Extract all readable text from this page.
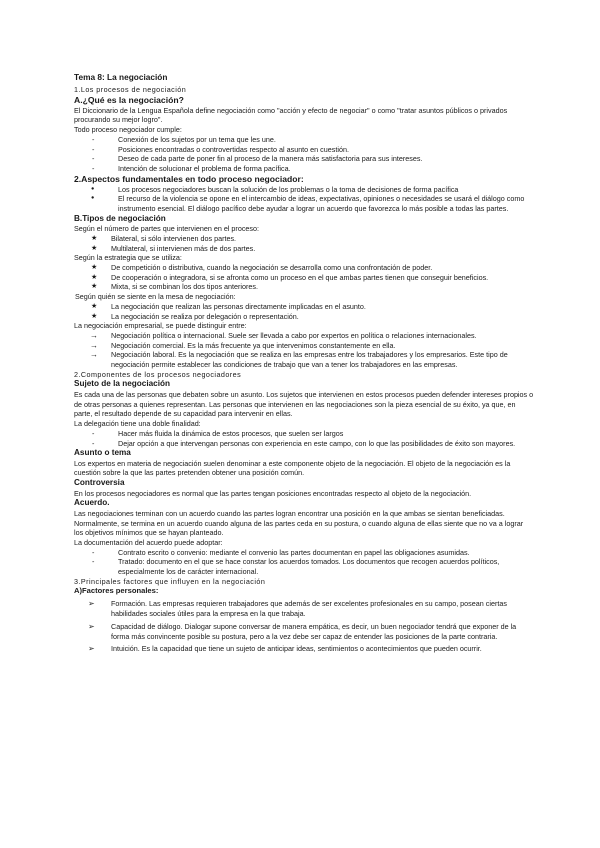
Tema 8: La negociación

1.Los procesos de negociación

A.¿Qué es la negociación?

El Diccionario de la Lengua Española define negociación como "acción y efecto de negociar" o como "tratar asuntos públicos o privados procurando su mejor logro".

Todo proceso negociador cumple:

- Conexión de los sujetos por un tema que les une.
- Posiciones encontradas o controvertidas respecto al asunto en cuestión.
- Deseo de cada parte de poner fin al proceso de la manera más satisfactoria para sus intereses.
- Intención de solucionar el problema de forma pacífica.

2.Aspectos fundamentales en todo proceso negociador:

● Los procesos negociadores buscan la solución de los problemas o la toma de decisiones de forma pacífica
● El recurso de la violencia se opone en el intercambio de ideas, expectativas, opiniones o necesidades se usará el diálogo como instrumento esencial. El diálogo pacífico debe ayudar a lograr un acuerdo que favorezca lo más posible a todas las partes.

B.Tipos de negociación

Según el número de partes que intervienen en el proceso:

★ Bilateral, si sólo intervienen dos partes.
★ Multilateral, si intervienen más de dos partes.

Según la estrategia que se utiliza:

★ De competición o distributiva, cuando la negociación se desarrolla como una confrontación de poder.
★ De cooperación o integradora, si se afronta como un proceso en el que ambas partes tienen que conseguir beneficios.
★ Mixta, si se combinan los dos tipos anteriores.

Según quién se siente en la mesa de negociación:

★ La negociación que realizan las personas directamente implicadas en el asunto.
★ La negociación se realiza por delegación o representación.

La negociación empresarial, se puede distinguir entre:

→ Negociación política o internacional. Suele ser llevada a cabo por expertos en política o relaciones internacionales.
→ Negociación comercial. Es la más frecuente ya que intervenimos constantemente en ella.
→ Negociación laboral. Es la negociación que se realiza en las empresas entre los trabajadores y los empresarios. Este tipo de negociación permite establecer las condiciones de trabajo que van a tener los trabajadores en las empresas.

2.Componentes de los procesos negociadores

Sujeto de la negociación

Es cada una de las personas que debaten sobre un asunto. Los sujetos que intervienen en estos procesos pueden defender intereses propios o de otras personas a quienes representan. Las personas que intervienen en las negociaciones son la pieza esencial de su éxito, ya que, en parte, el resultado depende de su capacidad para intervenir en ellas.

La delegación tiene una doble finalidad:

- Hacer más fluida la dinámica de estos procesos, que suelen ser largos
- Dejar opción a que intervengan personas con experiencia en este campo, con lo que las posibilidades de éxito son mayores.

Asunto o tema

Los expertos en materia de negociación suelen denominar a este componente objeto de la negociación. El objeto de la negociación es la cuestión sobre la que las partes pretenden obtener una posición común.

Controversia

En los procesos negociadores es normal que las partes tengan posiciones encontradas respecto al objeto de la negociación.

Acuerdo.

Las negociaciones terminan con un acuerdo cuando las partes logran encontrar una posición en la que ambas se sientan beneficiadas. Normalmente, se termina en un acuerdo cuando alguna de las partes ceda en su postura, o cuando alguna de ellas siente que no va a lograr los objetivos mínimos que se hayan planteado.

La documentación del acuerdo puede adoptar:

- Contrato escrito o convenio: mediante el convenio las partes documentan en papel las obligaciones asumidas.
- Tratado: documento en el que se hace constar los acuerdos tomados. Los documentos que recogen acuerdos políticos, especialmente los de carácter internacional.

3.Principales factores que influyen en la negociación

A)Factores personales:

➢ Formación. Las empresas requieren trabajadores que además de ser excelentes profesionales en su campo, posean ciertas habilidades sociales útiles para la empresa en la que trabaja.
➢ Capacidad de diálogo. Dialogar supone conversar de manera empática, es decir, un buen negociador tendrá que exponer de la forma más convincente posible su postura, pero a la vez debe ser capaz de entender las posiciones de la parte contraria.
➢ Intuición. Es la capacidad que tiene un sujeto de anticipar ideas, sentimientos o acontecimientos que pueden ocurrir.
